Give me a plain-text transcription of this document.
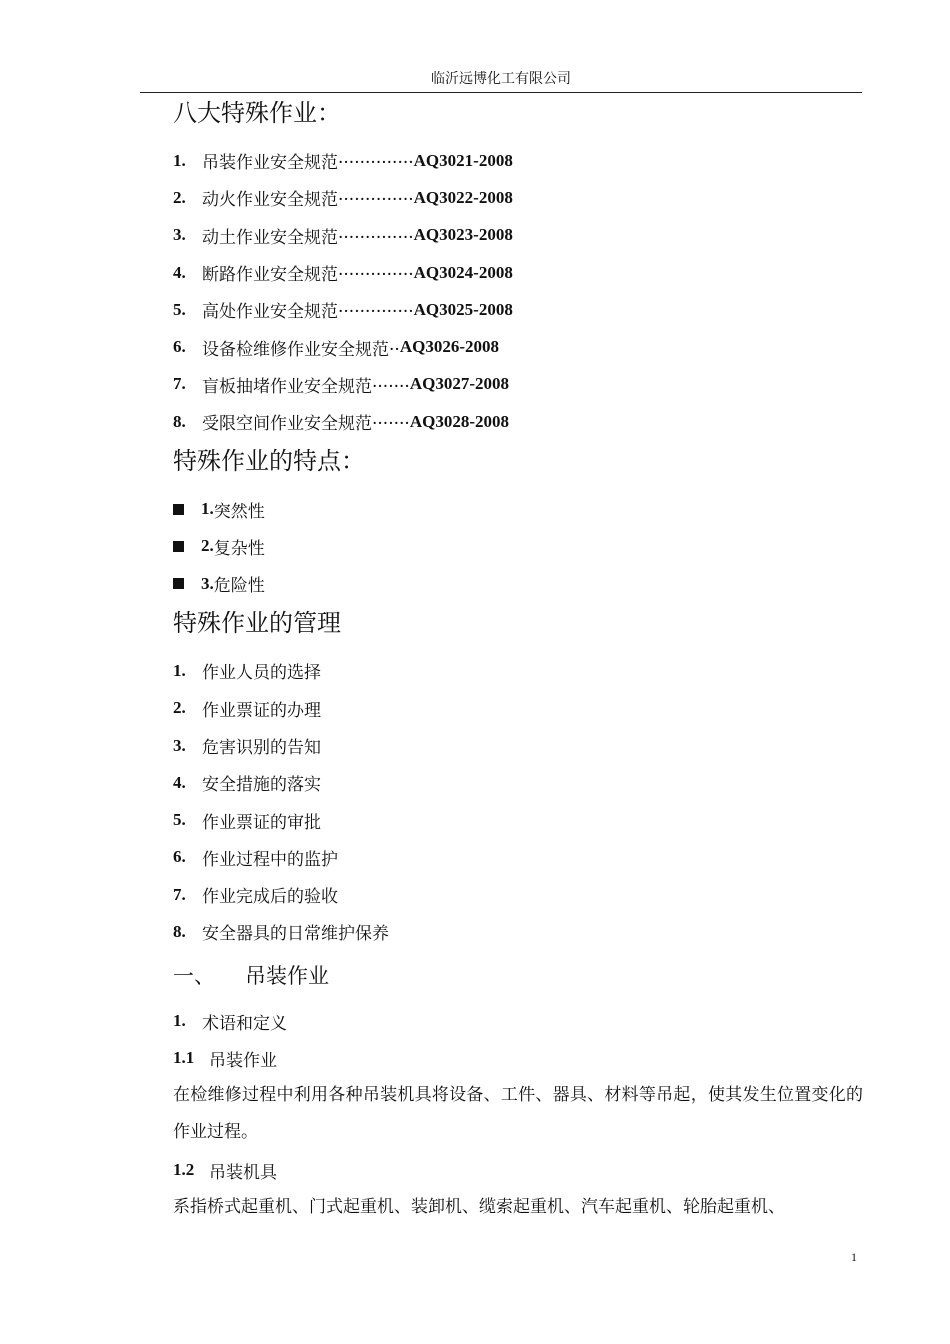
临沂远博化工有限公司
八大特殊作业：
1. 吊装作业安全规范·············· AQ3021-2008
2. 动火作业安全规范·············· AQ3022-2008
3. 动土作业安全规范·············· AQ3023-2008
4. 断路作业安全规范·············· AQ3024-2008
5. 高处作业安全规范·············· AQ3025-2008
6. 设备检维修作业安全规范·· AQ3026-2008
7. 盲板抽堵作业安全规范······· AQ3027-2008
8. 受限空间作业安全规范······· AQ3028-2008
特殊作业的特点：
1. 突然性
2. 复杂性
3. 危险性
特殊作业的管理
1. 作业人员的选择
2. 作业票证的办理
3. 危害识别的告知
4. 安全措施的落实
5. 作业票证的审批
6. 作业过程中的监护
7. 作业完成后的验收
8. 安全器具的日常维护保养
一、	吊装作业
1. 术语和定义
1.1 吊装作业
在检维修过程中利用各种吊装机具将设备、工件、器具、材料等吊起，使其发生位置变化的作业过程。
1.2 吊装机具
系指桥式起重机、门式起重机、装卸机、缆索起重机、汽车起重机、轮胎起重机、
1
